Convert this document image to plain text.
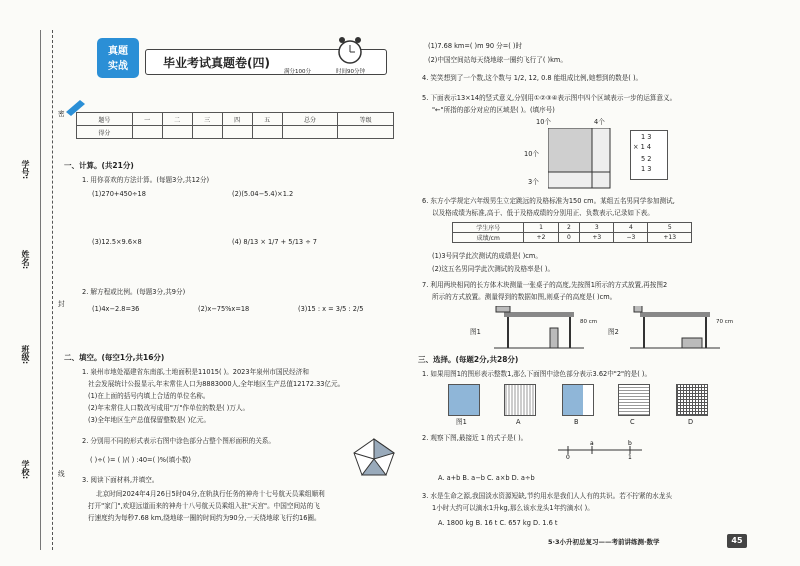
学号:
姓名:
班级:
学校:
密
封
线
真题
实战	毕业考试真题卷(四)
满分100分	时间90分钟
题号	一	二	三	四	五	总分	等级
得分							
一、计算。(共21分)
1. 用你喜欢的方法计算。(每题3分,共12分)
(1)270+450÷18	(2)(5.04−5.4)×1.2
(3)12.5×9.6×8	(4) 8/13 × 1/7 + 5/13 ÷ 7
2. 解方程或比例。(每题3分,共9分)
(1)4x−2.8=36	(2)x−75%x=18	(3)15 : x = 3/5 : 2/5
二、填空。(每空1分,共16分)
1. 泉州市地处福建省东南部,土地面积是11015( )。2023年泉州市国民经济和
社会发展统计公报显示,年末常住人口为8883000人,全年地区生产总值12172.33亿元。
(1)在上面的括号内填上合适的单位名称。
(2)年末常住人口数改写成用"万"作单位的数是( )万人。
(3)全年地区生产总值保留整数是( )亿元。
2. 分别用不同的形式表示右图中涂色部分占整个图形面积的关系。
( )÷( )= ( )/( ) :40=( )%(填小数)
3. 阅读下面材料,并填空。
北京时间2024年4月26日5时04分,在轨执行任务的神舟十七号航天员乘组顺利
打开"家门",欢迎远道而来的神舟十八号航天员乘组入驻"天宫"。中国空间站的飞
行速度约为每秒7.68 km,绕地球一圈的时间约为90分,一天绕地球飞行约16圈。
(1)7.68 km=( )m 90 分=( )时
(2)中国空间站每天绕地球一圈约飞行了( )km。
4. 笑笑想到了一个数,这个数与 1/2, 12, 0.8 能组成比例,她想到的数是( )。
5. 下面表示13×14的竖式意义,分别用①②③④表示图中四个区域表示一步的运算意义。
"←"所指的部分对应的区域是( )。(填序号)
10个	4个
10个
3个
1 3
× 1 4
5 2
1 3
6. 东方小学规定六年级男生立定跳远的及格标准为150 cm。某组五名男同学参加测试,
以及格成绩为标准,高于、低于及格成绩的分别用正、负数表示,记录如下表。
学生序号	1	2	3	4	5
成绩/cm	+2	0	+3	−3	+13
(1)3号同学此次测试的成绩是( )cm。
(2)这五名男同学此次测试的及格率是( )。
7. 利用两块相同的长方体木块测量一张桌子的高度,先按图1所示的方式放置,再按图2
所示的方式放置。测量得到的数据如图,则桌子的高度是( )cm。
图1
80 cm
图2
70 cm
三、选择。(每题2分,共28分)
1. 如果用图1的图形表示整数1,那么下面图中涂色部分表示3.62中"2"的是( )。
图1	A	B	C	D
2. 观察下图,最接近 1 的式子是( )。
0
a	b
1
A. a+b B. a−b C. a×b D. a÷b
3. 水是生命之源,我国淡水资源短缺,节约用水是我们人人有的共识。若不拧紧的水龙头
1小时大约可以滴水1升kg,那么该水龙头1年约滴水( )。
A. 1800 kg B. 16 t C. 657 kg D. 1.6 t
5·3小升初总复习——考前讲练测·数学	45
